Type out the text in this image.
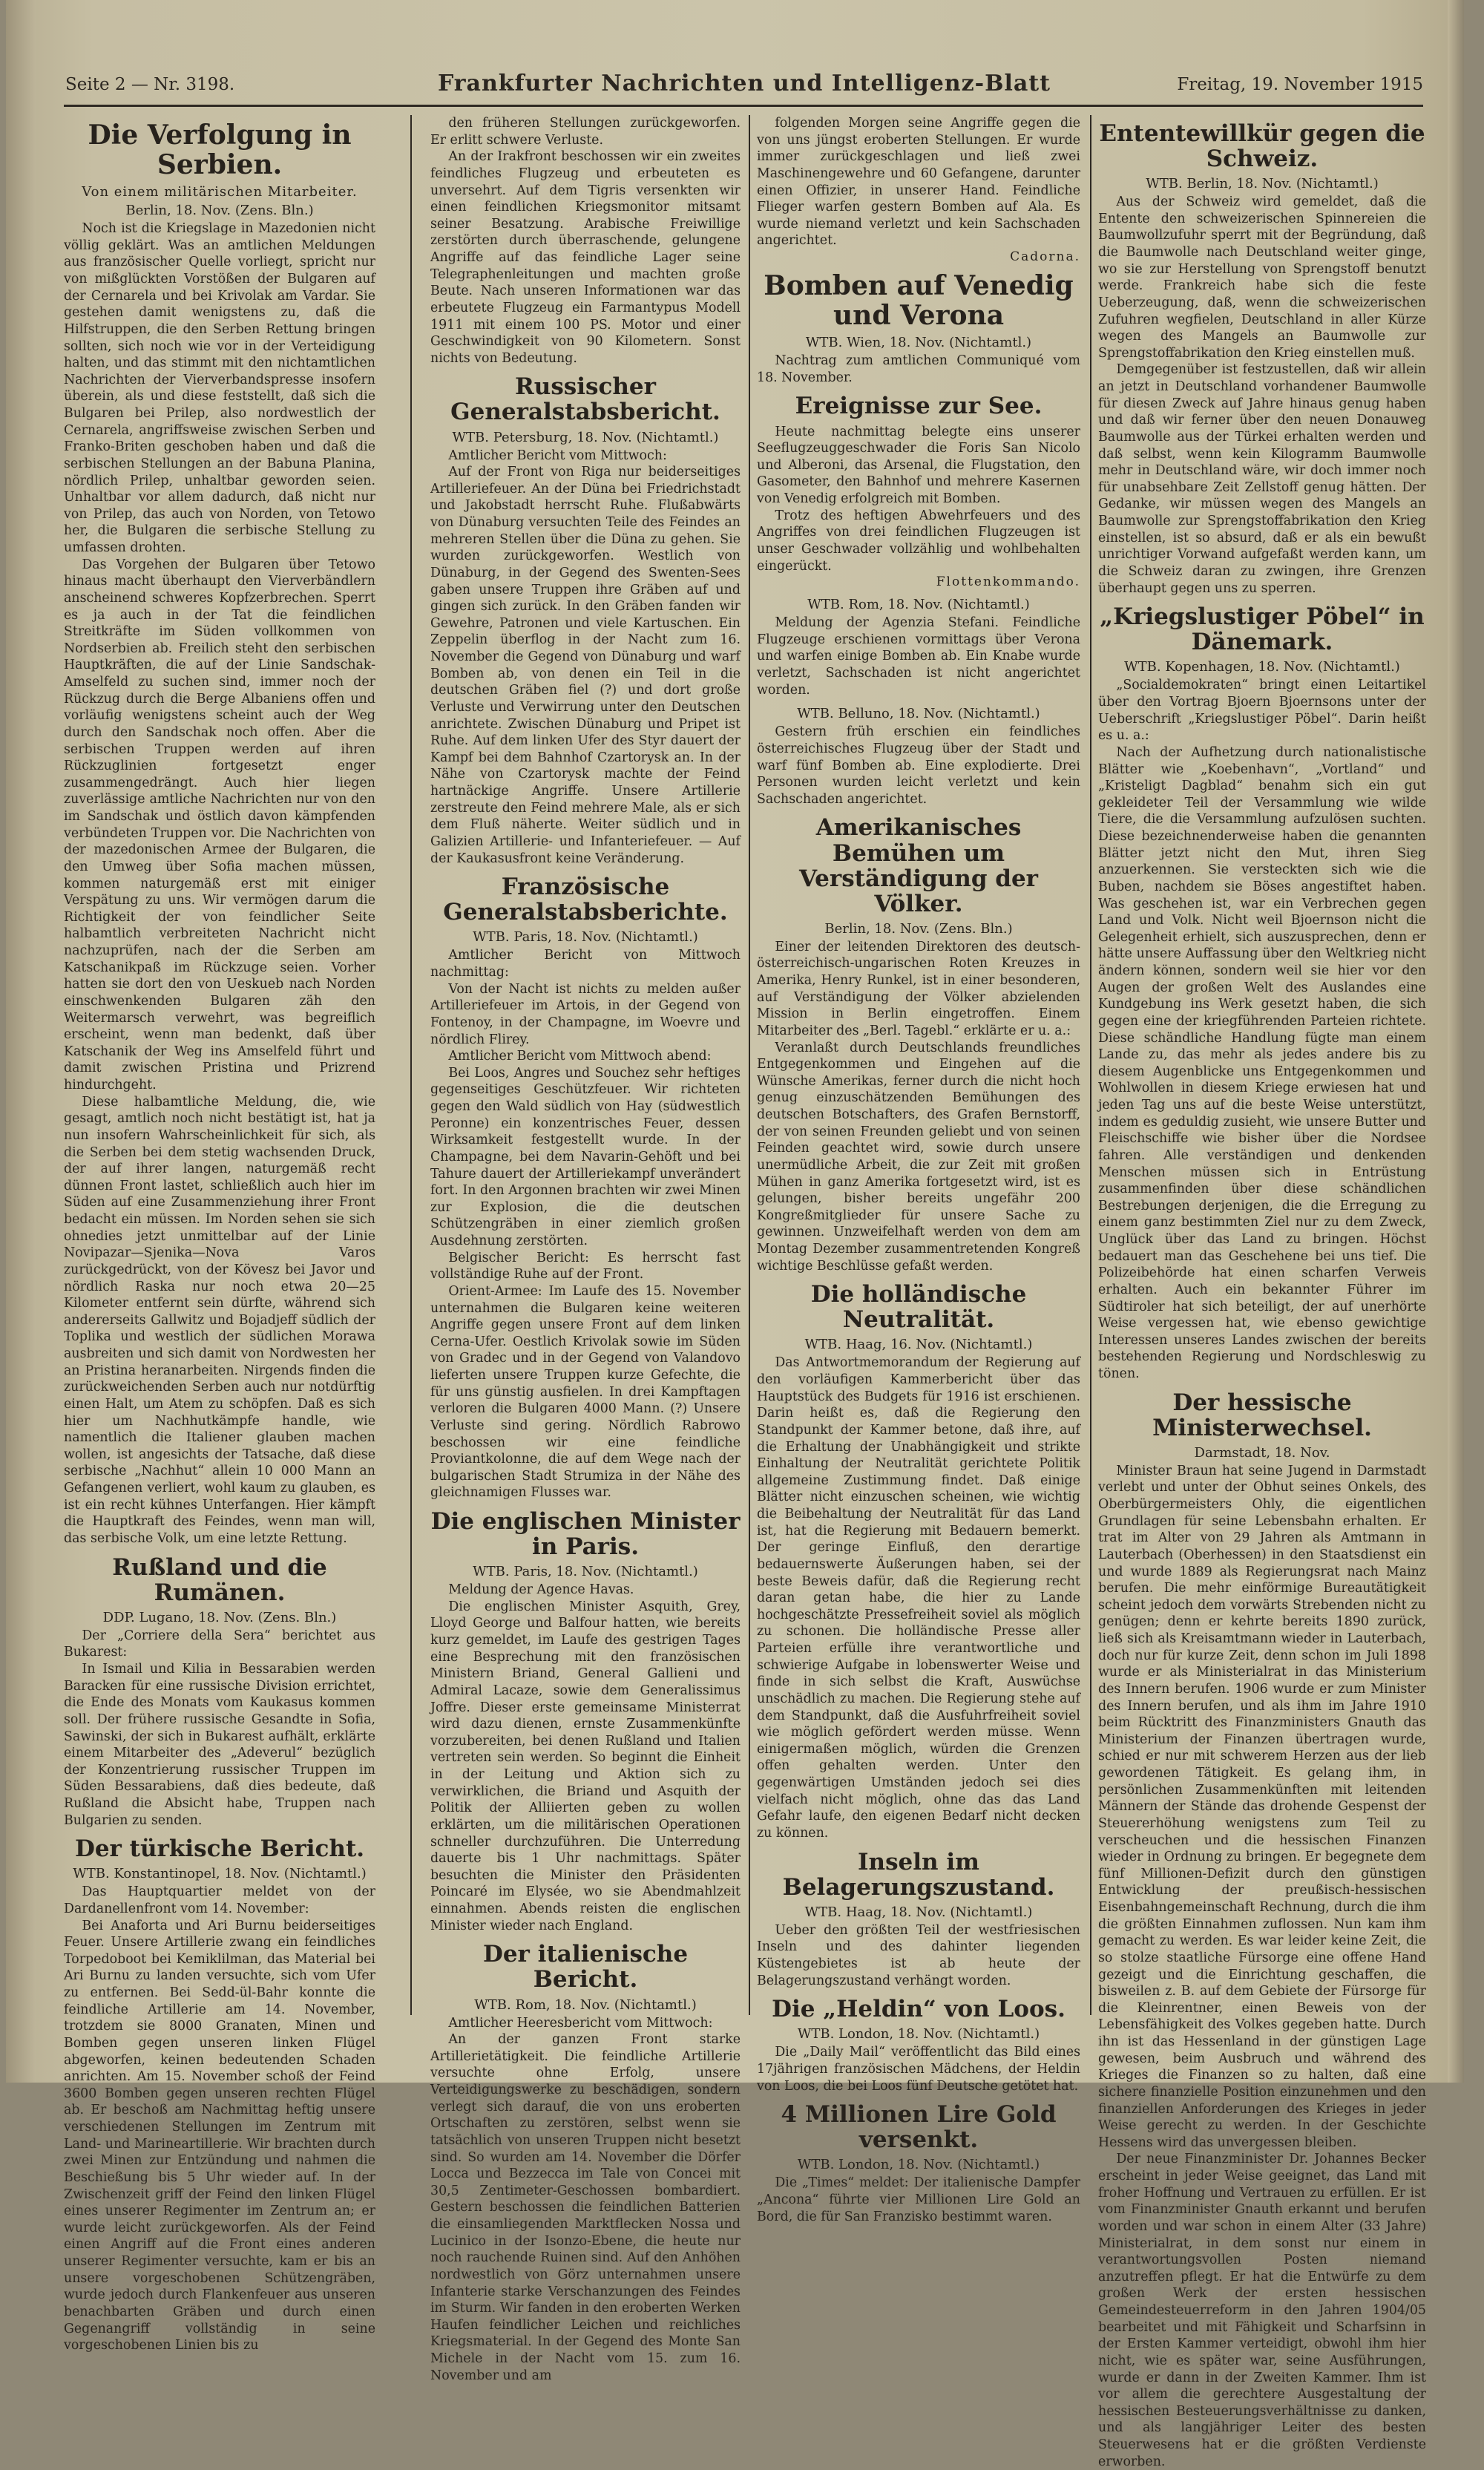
Seite 2 — Nr. 3198.	Frankfurter Nachrichten und Intelligenz-Blatt	Freitag, 19. November 1915
Die Verfolgung in Serbien.
Von einem militärischen Mitarbeiter.
Berlin, 18. Nov. (Zens. Bln.)

Noch ist die Kriegslage in Mazedonien nicht völlig geklärt. Was an amtlichen Meldungen aus französischer Quelle vorliegt, spricht nur von mißglückten Vorstößen der Bulgaren auf der Cernarela und bei Krivolak am Vardar. Sie gestehen damit wenigstens zu, daß die Hilfstruppen, die den Serben Rettung bringen sollten, sich noch wie vor in der Verteidigung halten, und das stimmt mit den nichtamtlichen Nachrichten der Vierverbandspresse insofern überein, als und diese feststellt, daß sich die Bulgaren bei Prilep, also nordwestlich der Cernarela, angriffsweise zwischen Serben und Franko-Briten geschoben haben und daß die serbischen Stellungen an der Babuna Planina, nördlich Prilep, unhaltbar geworden seien. Unhaltbar vor allem dadurch, daß nicht nur von Prilep, das auch von Norden, von Tetowo her, die Bulgaren die serbische Stellung zu umfassen drohten.

Das Vorgehen der Bulgaren über Tetowo hinaus macht überhaupt den Vierverbändlern anscheinend schweres Kopfzerbrechen. Sperrt es ja auch in der Tat die feindlichen Streitkräfte im Süden vollkommen von Nordserbien ab. Freilich steht den serbischen Hauptkräften, die auf der Linie Sandschak-Amselfeld zu suchen sind, immer noch der Rückzug durch die Berge Albaniens offen und vorläufig wenigstens scheint auch der Weg durch den Sandschak noch offen. Aber die serbischen Truppen werden auf ihren Rückzuglinien fortgesetzt enger zusammengedrängt. Auch hier liegen zuverlässige amtliche Nachrichten nur von den im Sandschak und östlich davon kämpfenden verbündeten Truppen vor. Die Nachrichten von der mazedonischen Armee der Bulgaren, die den Umweg über Sofia machen müssen, kommen naturgemäß erst mit einiger Verspätung zu uns. Wir vermögen darum die Richtigkeit der von feindlicher Seite halbamtlich verbreiteten Nachricht nicht nachzuprüfen, nach der die Serben am Katschanikpaß im Rückzuge seien. Vorher hatten sie dort den von Ueskueb nach Norden einschwenkenden Bulgaren zäh den Weitermarsch verwehrt, was begreiflich erscheint, wenn man bedenkt, daß über Katschanik der Weg ins Amselfeld führt und damit zwischen Pristina und Prizrend hindurchgeht.

Diese halbamtliche Meldung, die, wie gesagt, amtlich noch nicht bestätigt ist, hat ja nun insofern Wahrscheinlichkeit für sich, als die Serben bei dem stetig wachsenden Druck, der auf ihrer langen, naturgemäß recht dünnen Front lastet, schließlich auch hier im Süden auf eine Zusammenziehung ihrer Front bedacht ein müssen. Im Norden sehen sie sich ohnedies jetzt unmittelbar auf der Linie Novipazar—Sjenika—Nova Varos zurückgedrückt, von der Kövesz bei Javor und nördlich Raska nur noch etwa 20—25 Kilometer entfernt sein dürfte, während sich andererseits Gallwitz und Bojadjeff südlich der Toplika und westlich der südlichen Morawa ausbreiten und sich damit von Nordwesten her an Pristina heranarbeiten. Nirgends finden die zurückweichenden Serben auch nur notdürftig einen Halt, um Atem zu schöpfen. Daß es sich hier um Nachhutkämpfe handle, wie namentlich die Italiener glauben machen wollen, ist angesichts der Tatsache, daß diese serbische „Nachhut“ allein 10 000 Mann an Gefangenen verliert, wohl kaum zu glauben, es ist ein recht kühnes Unterfangen. Hier kämpft die Hauptkraft des Feindes, wenn man will, das serbische Volk, um eine letzte Rettung.

Rußland und die Rumänen.
DDP. Lugano, 18. Nov. (Zens. Bln.)

Der „Corriere della Sera“ berichtet aus Bukarest:

In Ismail und Kilia in Bessarabien werden Baracken für eine russische Division errichtet, die Ende des Monats vom Kaukasus kommen soll. Der frühere russische Gesandte in Sofia, Sawinski, der sich in Bukarest aufhält, erklärte einem Mitarbeiter des „Adeverul“ bezüglich der Konzentrierung russischer Truppen im Süden Bessarabiens, daß dies bedeute, daß Rußland die Absicht habe, Truppen nach Bulgarien zu senden.

Der türkische Bericht.
WTB. Konstantinopel, 18. Nov. (Nichtamtl.)

Das Hauptquartier meldet von der Dardanellenfront vom 14. November:

Bei Anaforta und Ari Burnu beiderseitiges Feuer. Unsere Artillerie zwang ein feindliches Torpedoboot bei Kemiklilman, das Material bei Ari Burnu zu landen versuchte, sich vom Ufer zu entfernen. Bei Sedd-ül-Bahr konnte die feindliche Artillerie am 14. November, trotzdem sie 8000 Granaten, Minen und Bomben gegen unseren linken Flügel abgeworfen, keinen bedeutenden Schaden anrichten. Am 15. November schoß der Feind 3600 Bomben gegen unseren rechten Flügel ab. Er beschoß am Nachmittag heftig unsere verschiedenen Stellungen im Zentrum mit Land- und Marineartillerie. Wir brachten durch zwei Minen zur Entzündung und nahmen die Beschießung bis 5 Uhr wieder auf. In der Zwischenzeit griff der Feind den linken Flügel eines unserer Regimenter im Zentrum an; er wurde leicht zurückgeworfen. Als der Feind einen Angriff auf die Front eines anderen unserer Regimenter versuchte, kam er bis an unsere vorgeschobenen Schützengräben, wurde jedoch durch Flankenfeuer aus unseren benachbarten Gräben und durch einen Gegenangriff vollständig in seine vorgeschobenen Linien bis zu

den früheren Stellungen zurückgeworfen. Er erlitt schwere Verluste.

An der Irakfront beschossen wir ein zweites feindliches Flugzeug und erbeuteten es unversehrt. Auf dem Tigris versenkten wir einen feindlichen Kriegsmonitor mitsamt seiner Besatzung. Arabische Freiwillige zerstörten durch überraschende, gelungene Angriffe auf das feindliche Lager seine Telegraphenleitungen und machten große Beute. Nach unseren Informationen war das erbeutete Flugzeug ein Farmantypus Modell 1911 mit einem 100 PS. Motor und einer Geschwindigkeit von 90 Kilometern. Sonst nichts von Bedeutung.

Russischer Generalstabsbericht.
WTB. Petersburg, 18. Nov. (Nichtamtl.)

Amtlicher Bericht vom Mittwoch:

Auf der Front von Riga nur beiderseitiges Artilleriefeuer. An der Düna bei Friedrichstadt und Jakobstadt herrscht Ruhe. Flußabwärts von Dünaburg versuchten Teile des Feindes an mehreren Stellen über die Düna zu gehen. Sie wurden zurückgeworfen. Westlich von Dünaburg, in der Gegend des Swenten-Sees gaben unsere Truppen ihre Gräben auf und gingen sich zurück. In den Gräben fanden wir Gewehre, Patronen und viele Kartuschen. Ein Zeppelin überflog in der Nacht zum 16. November die Gegend von Dünaburg und warf Bomben ab, von denen ein Teil in die deutschen Gräben fiel (?) und dort große Verluste und Verwirrung unter den Deutschen anrichtete. Zwischen Dünaburg und Pripet ist Ruhe. Auf dem linken Ufer des Styr dauert der Kampf bei dem Bahnhof Czartorysk an. In der Nähe von Czartorysk machte der Feind hartnäckige Angriffe. Unsere Artillerie zerstreute den Feind mehrere Male, als er sich dem Fluß näherte. Weiter südlich und in Galizien Artillerie- und Infanteriefeuer. — Auf der Kaukasusfront keine Veränderung.

Französische Generalstabsberichte.
WTB. Paris, 18. Nov. (Nichtamtl.)

Amtlicher Bericht von Mittwoch nachmittag:

Von der Nacht ist nichts zu melden außer Artilleriefeuer im Artois, in der Gegend von Fontenoy, in der Champagne, im Woevre und nördlich Flirey.

Amtlicher Bericht vom Mittwoch abend:

Bei Loos, Angres und Souchez sehr heftiges gegenseitiges Geschützfeuer. Wir richteten gegen den Wald südlich von Hay (südwestlich Peronne) ein konzentrisches Feuer, dessen Wirksamkeit festgestellt wurde. In der Champagne, bei dem Navarin-Gehöft und bei Tahure dauert der Artilleriekampf unverändert fort. In den Argonnen brachten wir zwei Minen zur Explosion, die die deutschen Schützengräben in einer ziemlich großen Ausdehnung zerstörten.

Belgischer Bericht: Es herrscht fast vollständige Ruhe auf der Front.

Orient-Armee: Im Laufe des 15. November unternahmen die Bulgaren keine weiteren Angriffe gegen unsere Front auf dem linken Cerna-Ufer. Oestlich Krivolak sowie im Süden von Gradec und in der Gegend von Valandovo lieferten unsere Truppen kurze Gefechte, die für uns günstig ausfielen. In drei Kampftagen verloren die Bulgaren 4000 Mann. (?) Unsere Verluste sind gering. Nördlich Rabrowo beschossen wir eine feindliche Proviantkolonne, die auf dem Wege nach der bulgarischen Stadt Strumiza in der Nähe des gleichnamigen Flusses war.

Die englischen Minister in Paris.
WTB. Paris, 18. Nov. (Nichtamtl.)

Meldung der Agence Havas.

Die englischen Minister Asquith, Grey, Lloyd George und Balfour hatten, wie bereits kurz gemeldet, im Laufe des gestrigen Tages eine Besprechung mit den französischen Ministern Briand, General Gallieni und Admiral Lacaze, sowie dem Generalissimus Joffre. Dieser erste gemeinsame Ministerrat wird dazu dienen, ernste Zusammenkünfte vorzubereiten, bei denen Rußland und Italien vertreten sein werden. So beginnt die Einheit in der Leitung und Aktion sich zu verwirklichen, die Briand und Asquith der Politik der Alliierten geben zu wollen erklärten, um die militärischen Operationen schneller durchzuführen. Die Unterredung dauerte bis 1 Uhr nachmittags. Später besuchten die Minister den Präsidenten Poincaré im Elysée, wo sie Abendmahlzeit einnahmen. Abends reisten die englischen Minister wieder nach England.

Der italienische Bericht.
WTB. Rom, 18. Nov. (Nichtamtl.)

Amtlicher Heeresbericht vom Mittwoch:

An der ganzen Front starke Artillerietätigkeit. Die feindliche Artillerie versuchte ohne Erfolg, unsere Verteidigungswerke zu beschädigen, sondern verlegt sich darauf, die von uns eroberten Ortschaften zu zerstören, selbst wenn sie tatsächlich von unseren Truppen nicht besetzt sind. So wurden am 14. November die Dörfer Locca und Bezzecca im Tale von Concei mit 30,5 Zentimeter-Geschossen bombardiert. Gestern beschossen die feindlichen Batterien die einsamliegenden Marktflecken Nossa und Lucinico in der Isonzo-Ebene, die heute nur noch rauchende Ruinen sind. Auf den Anhöhen nordwestlich von Görz unternahmen unsere Infanterie starke Verschanzungen des Feindes im Sturm. Wir fanden in den eroberten Werken Haufen feindlicher Leichen und reichliches Kriegsmaterial. In der Gegend des Monte San Michele in der Nacht vom 15. zum 16. November und am

folgenden Morgen seine Angriffe gegen die von uns jüngst eroberten Stellungen. Er wurde immer zurückgeschlagen und ließ zwei Maschinengewehre und 60 Gefangene, darunter einen Offizier, in unserer Hand. Feindliche Flieger warfen gestern Bomben auf Ala. Es wurde niemand verletzt und kein Sachschaden angerichtet.

Cadorna.
Bomben auf Venedig und Verona
WTB. Wien, 18. Nov. (Nichtamtl.)

Nachtrag zum amtlichen Communiqué vom 18. November.

Ereignisse zur See.

Heute nachmittag belegte eins unserer Seeflugzeuggeschwader die Foris San Nicolo und Alberoni, das Arsenal, die Flugstation, den Gasometer, den Bahnhof und mehrere Kasernen von Venedig erfolgreich mit Bomben.

Trotz des heftigen Abwehrfeuers und des Angriffes von drei feindlichen Flugzeugen ist unser Geschwader vollzählig und wohlbehalten eingerückt.

Flottenkommando.
WTB. Rom, 18. Nov. (Nichtamtl.)

Meldung der Agenzia Stefani. Feindliche Flugzeuge erschienen vormittags über Verona und warfen einige Bomben ab. Ein Knabe wurde verletzt, Sachschaden ist nicht angerichtet worden.

WTB. Belluno, 18. Nov. (Nichtamtl.)

Gestern früh erschien ein feindliches österreichisches Flugzeug über der Stadt und warf fünf Bomben ab. Eine explodierte. Drei Personen wurden leicht verletzt und kein Sachschaden angerichtet.

Amerikanisches Bemühen um Verständigung der Völker.
Berlin, 18. Nov. (Zens. Bln.)

Einer der leitenden Direktoren des deutsch-österreichisch-ungarischen Roten Kreuzes in Amerika, Henry Runkel, ist in einer besonderen, auf Verständigung der Völker abzielenden Mission in Berlin eingetroffen. Einem Mitarbeiter des „Berl. Tagebl.“ erklärte er u. a.:

Veranlaßt durch Deutschlands freundliches Entgegenkommen und Eingehen auf die Wünsche Amerikas, ferner durch die nicht hoch genug einzuschätzenden Bemühungen des deutschen Botschafters, des Grafen Bernstorff, der von seinen Freunden geliebt und von seinen Feinden geachtet wird, sowie durch unsere unermüdliche Arbeit, die zur Zeit mit großen Mühen in ganz Amerika fortgesetzt wird, ist es gelungen, bisher bereits ungefähr 200 Kongreßmitglieder für unsere Sache zu gewinnen. Unzweifelhaft werden von dem am Montag Dezember zusammentretenden Kongreß wichtige Beschlüsse gefaßt werden.

Die holländische Neutralität.
WTB. Haag, 16. Nov. (Nichtamtl.)

Das Antwortmemorandum der Regierung auf den vorläufigen Kammerbericht über das Hauptstück des Budgets für 1916 ist erschienen. Darin heißt es, daß die Regierung den Standpunkt der Kammer betone, daß ihre, auf die Erhaltung der Unabhängigkeit und strikte Einhaltung der Neutralität gerichtete Politik allgemeine Zustimmung findet. Daß einige Blätter nicht einzuschen scheinen, wie wichtig die Beibehaltung der Neutralität für das Land ist, hat die Regierung mit Bedauern bemerkt. Der geringe Einfluß, den derartige bedauernswerte Äußerungen haben, sei der beste Beweis dafür, daß die Regierung recht daran getan habe, die hier zu Lande hochgeschätzte Pressefreiheit soviel als möglich zu schonen. Die holländische Presse aller Parteien erfülle ihre verantwortliche und schwierige Aufgabe in lobenswerter Weise und finde in sich selbst die Kraft, Auswüchse unschädlich zu machen. Die Regierung stehe auf dem Standpunkt, daß die Ausfuhrfreiheit soviel wie möglich gefördert werden müsse. Wenn einigermaßen möglich, würden die Grenzen offen gehalten werden. Unter den gegenwärtigen Umständen jedoch sei dies vielfach nicht möglich, ohne das das Land Gefahr laufe, den eigenen Bedarf nicht decken zu können.

Inseln im Belagerungszustand.
WTB. Haag, 18. Nov. (Nichtamtl.)

Ueber den größten Teil der westfriesischen Inseln und des dahinter liegenden Küstengebietes ist ab heute der Belagerungszustand verhängt worden.

Die „Heldin“ von Loos.
WTB. London, 18. Nov. (Nichtamtl.)

Die „Daily Mail“ veröffentlicht das Bild eines 17jährigen französischen Mädchens, der Heldin von Loos, die bei Loos fünf Deutsche getötet hat.

4 Millionen Lire Gold versenkt.
WTB. London, 18. Nov. (Nichtamtl.)

Die „Times“ meldet: Der italienische Dampfer „Ancona“ führte vier Millionen Lire Gold an Bord, die für San Franzisko bestimmt waren.

Ententewillkür gegen die Schweiz.
WTB. Berlin, 18. Nov. (Nichtamtl.)

Aus der Schweiz wird gemeldet, daß die Entente den schweizerischen Spinnereien die Baumwollzufuhr sperrt mit der Begründung, daß die Baumwolle nach Deutschland weiter ginge, wo sie zur Herstellung von Sprengstoff benutzt werde. Frankreich habe sich die feste Ueberzeugung, daß, wenn die schweizerischen Zufuhren wegfielen, Deutschland in aller Kürze wegen des Mangels an Baumwolle zur Sprengstoffabrikation den Krieg einstellen muß.

Demgegenüber ist festzustellen, daß wir allein an jetzt in Deutschland vorhandener Baumwolle für diesen Zweck auf Jahre hinaus genug haben und daß wir ferner über den neuen Donauweg Baumwolle aus der Türkei erhalten werden und daß selbst, wenn kein Kilogramm Baumwolle mehr in Deutschland wäre, wir doch immer noch für unabsehbare Zeit Zellstoff genug hätten. Der Gedanke, wir müssen wegen des Mangels an Baumwolle zur Sprengstoffabrikation den Krieg einstellen, ist so absurd, daß er als ein bewußt unrichtiger Vorwand aufgefaßt werden kann, um die Schweiz daran zu zwingen, ihre Grenzen überhaupt gegen uns zu sperren.

„Kriegslustiger Pöbel“ in Dänemark.
WTB. Kopenhagen, 18. Nov. (Nichtamtl.)

„Socialdemokraten“ bringt einen Leitartikel über den Vortrag Bjoern Bjoernsons unter der Ueberschrift „Kriegslustiger Pöbel“. Darin heißt es u. a.:

Nach der Aufhetzung durch nationalistische Blätter wie „Koebenhavn“, „Vortland“ und „Kristeligt Dagblad“ benahm sich ein gut gekleideter Teil der Versammlung wie wilde Tiere, die die Versammlung aufzulösen suchten. Diese bezeichnenderweise haben die genannten Blätter jetzt nicht den Mut, ihren Sieg anzuerkennen. Sie versteckten sich wie die Buben, nachdem sie Böses angestiftet haben. Was geschehen ist, war ein Verbrechen gegen Land und Volk. Nicht weil Bjoernson nicht die Gelegenheit erhielt, sich auszusprechen, denn er hätte unsere Auffassung über den Weltkrieg nicht ändern können, sondern weil sie hier vor den Augen der großen Welt des Auslandes eine Kundgebung ins Werk gesetzt haben, die sich gegen eine der kriegführenden Parteien richtete. Diese schändliche Handlung fügte man einem Lande zu, das mehr als jedes andere bis zu diesem Augenblicke uns Entgegenkommen und Wohlwollen in diesem Kriege erwiesen hat und jeden Tag uns auf die beste Weise unterstützt, indem es geduldig zusieht, wie unsere Butter und Fleischschiffe wie bisher über die Nordsee fahren. Alle verständigen und denkenden Menschen müssen sich in Entrüstung zusammenfinden über diese schändlichen Bestrebungen derjenigen, die die Erregung zu einem ganz bestimmten Ziel nur zu dem Zweck, Unglück über das Land zu bringen. Höchst bedauert man das Geschehene bei uns tief. Die Polizeibehörde hat einen scharfen Verweis erhalten. Auch ein bekannter Führer im Südtiroler hat sich beteiligt, der auf unerhörte Weise vergessen hat, wie ebenso gewichtige Interessen unseres Landes zwischen der bereits bestehenden Regierung und Nordschleswig zu tönen.

Der hessische Ministerwechsel.
Darmstadt, 18. Nov.

Minister Braun hat seine Jugend in Darmstadt verlebt und unter der Obhut seines Onkels, des Oberbürgermeisters Ohly, die eigentlichen Grundlagen für seine Lebensbahn erhalten. Er trat im Alter von 29 Jahren als Amtmann in Lauterbach (Oberhessen) in den Staatsdienst ein und wurde 1889 als Regierungsrat nach Mainz berufen. Die mehr einförmige Bureautätigkeit scheint jedoch dem vorwärts Strebenden nicht zu genügen; denn er kehrte bereits 1890 zurück, ließ sich als Kreisamtmann wieder in Lauterbach, doch nur für kurze Zeit, denn schon im Juli 1898 wurde er als Ministerialrat in das Ministerium des Innern berufen. 1906 wurde er zum Minister des Innern berufen, und als ihm im Jahre 1910 beim Rücktritt des Finanzministers Gnauth das Ministerium der Finanzen übertragen wurde, schied er nur mit schwerem Herzen aus der lieb gewordenen Tätigkeit. Es gelang ihm, in persönlichen Zusammenkünften mit leitenden Männern der Stände das drohende Gespenst der Steuererhöhung wenigstens zum Teil zu verscheuchen und die hessischen Finanzen wieder in Ordnung zu bringen. Er begegnete dem fünf Millionen-Defizit durch den günstigen Entwicklung der preußisch-hessischen Eisenbahngemeinschaft Rechnung, durch die ihm die größten Einnahmen zuflossen. Nun kam ihm gemacht zu werden. Es war leider keine Zeit, die so stolze staatliche Fürsorge eine offene Hand gezeigt und die Einrichtung geschaffen, die bisweilen z. B. auf dem Gebiete der Fürsorge für die Kleinrentner, einen Beweis von der Lebensfähigkeit des Volkes gegeben hatte. Durch ihn ist das Hessenland in der günstigen Lage gewesen, beim Ausbruch und während des Krieges die Finanzen so zu halten, daß eine sichere finanzielle Position einzunehmen und den finanziellen Anforderungen des Krieges in jeder Weise gerecht zu werden. In der Geschichte Hessens wird das unvergessen bleiben.

Der neue Finanzminister Dr. Johannes Becker erscheint in jeder Weise geeignet, das Land mit froher Hoffnung und Vertrauen zu erfüllen. Er ist vom Finanzminister Gnauth erkannt und berufen worden und war schon in einem Alter (33 Jahre) Ministerialrat, in dem sonst nur einem in verantwortungsvollen Posten niemand anzutreffen pflegt. Er hat die Entwürfe zu dem großen Werk der ersten hessischen Gemeindesteuerreform in den Jahren 1904/05 bearbeitet und mit Fähigkeit und Scharfsinn in der Ersten Kammer verteidigt, obwohl ihm hier nicht, wie es später war, seine Ausführungen, wurde er dann in der Zweiten Kammer. Ihm ist vor allem die gerechtere Ausgestaltung der hessischen Besteuerungsverhältnisse zu danken, und als langjähriger Leiter des besten Steuerwesens hat er die größten Verdienste erworben.
